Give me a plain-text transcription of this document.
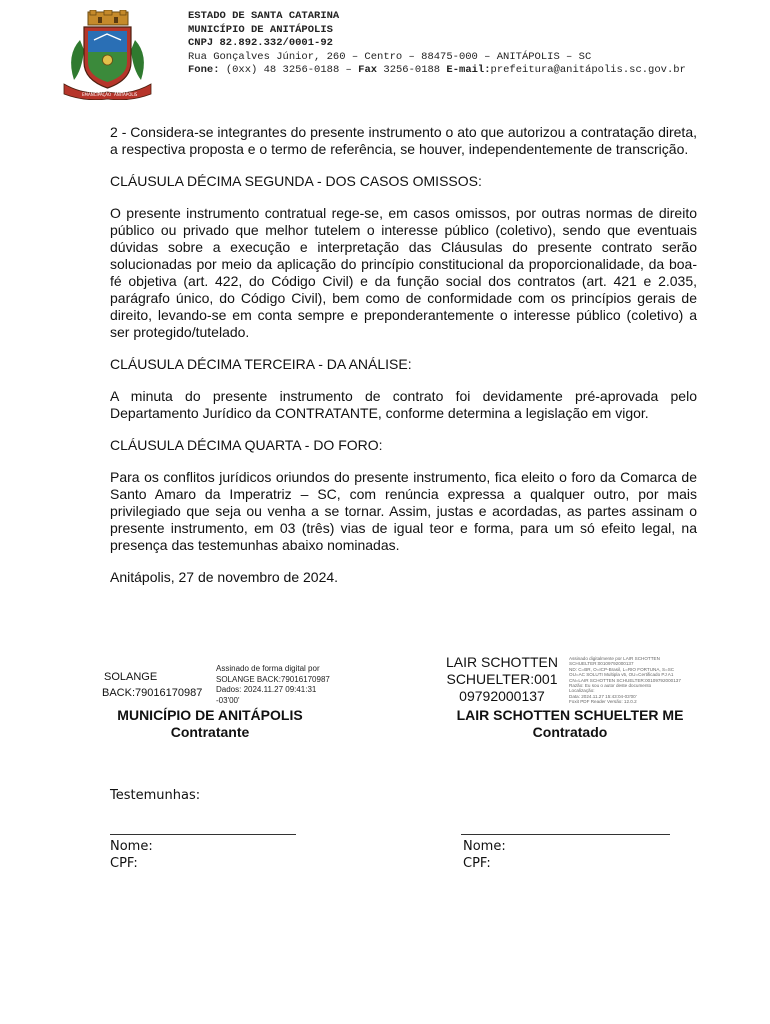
EMANCIPAÇÃO ANITÁPOLIS
ESTADO DE SANTA CATARINA
MUNICÍPIO DE ANITÁPOLIS
CNPJ 82.892.332/0001-92
Rua Gonçalves Júnior, 260 – Centro – 88475-000 – ANITÁPOLIS – SC
Fone: (0xx) 48 3256-0188 – Fax 3256-0188 E-mail:prefeitura@anitápolis.sc.gov.br

2 - Considera-se integrantes do presente instrumento o ato que autorizou a contratação direta, a respectiva proposta e o termo de referência, se houver, independentemente de transcrição.

CLÁUSULA DÉCIMA SEGUNDA - DOS CASOS OMISSOS:

O presente instrumento contratual rege-se, em casos omissos, por outras normas de direito público ou privado que melhor tutelem o interesse público (coletivo), sendo que eventuais dúvidas sobre a execução e interpretação das Cláusulas do presente contrato serão solucionadas por meio da aplicação do princípio constitucional da proporcionalidade, da boa-fé objetiva (art. 422, do Código Civil) e da função social dos contratos (art. 421 e 2.035, parágrafo único, do Código Civil), bem como de conformidade com os princípios gerais de direito, levando-se em conta sempre e preponderantemente o interesse público (coletivo) a ser protegido/tutelado.

CLÁUSULA DÉCIMA TERCEIRA - DA ANÁLISE:

A minuta do presente instrumento de contrato foi devidamente pré-aprovada pelo Departamento Jurídico da CONTRATANTE, conforme determina a legislação em vigor.

CLÁUSULA DÉCIMA QUARTA - DO FORO:

Para os conflitos jurídicos oriundos do presente instrumento, fica eleito o foro da Comarca de Santo Amaro da Imperatriz – SC, com renúncia expressa a qualquer outro, por mais privilegiado que seja ou venha a se tornar. Assim, justas e acordadas, as partes assinam o presente instrumento, em 03 (três) vias de igual teor e forma, para um só efeito legal, na presença das testemunhas abaixo nominadas.

Anitápolis, 27 de novembro de 2024.

SOLANGE
BACK:79016170987
Assinado de forma digital por
SOLANGE BACK:79016170987
Dados: 2024.11.27 09:41:31
-03'00'
LAIR SCHOTTEN
SCHUELTER:001
09792000137
Assinado digitalmente por LAIR SCHOTTEN
SCHUELTER:00109792000137
ND: C=BR, O=ICP-Brasil, L=RIO FORTUNA, S=SC
OU=AC SOLUTI Multipla v5, OU=Certificado PJ A1
CN=LAIR SCHOTTEN SCHUELTER:00109792000137
Razão: Eu sou o autor deste documento
Localização:
Data: 2024.11.27 15:43:04-03'00'
Foxit PDF Reader Versão: 12.0.2
MUNICÍPIO DE ANITÁPOLIS
Contratante
LAIR SCHOTTEN SCHUELTER ME
Contratado
Testemunhas:
Nome:
CPF:
Nome:
CPF:
